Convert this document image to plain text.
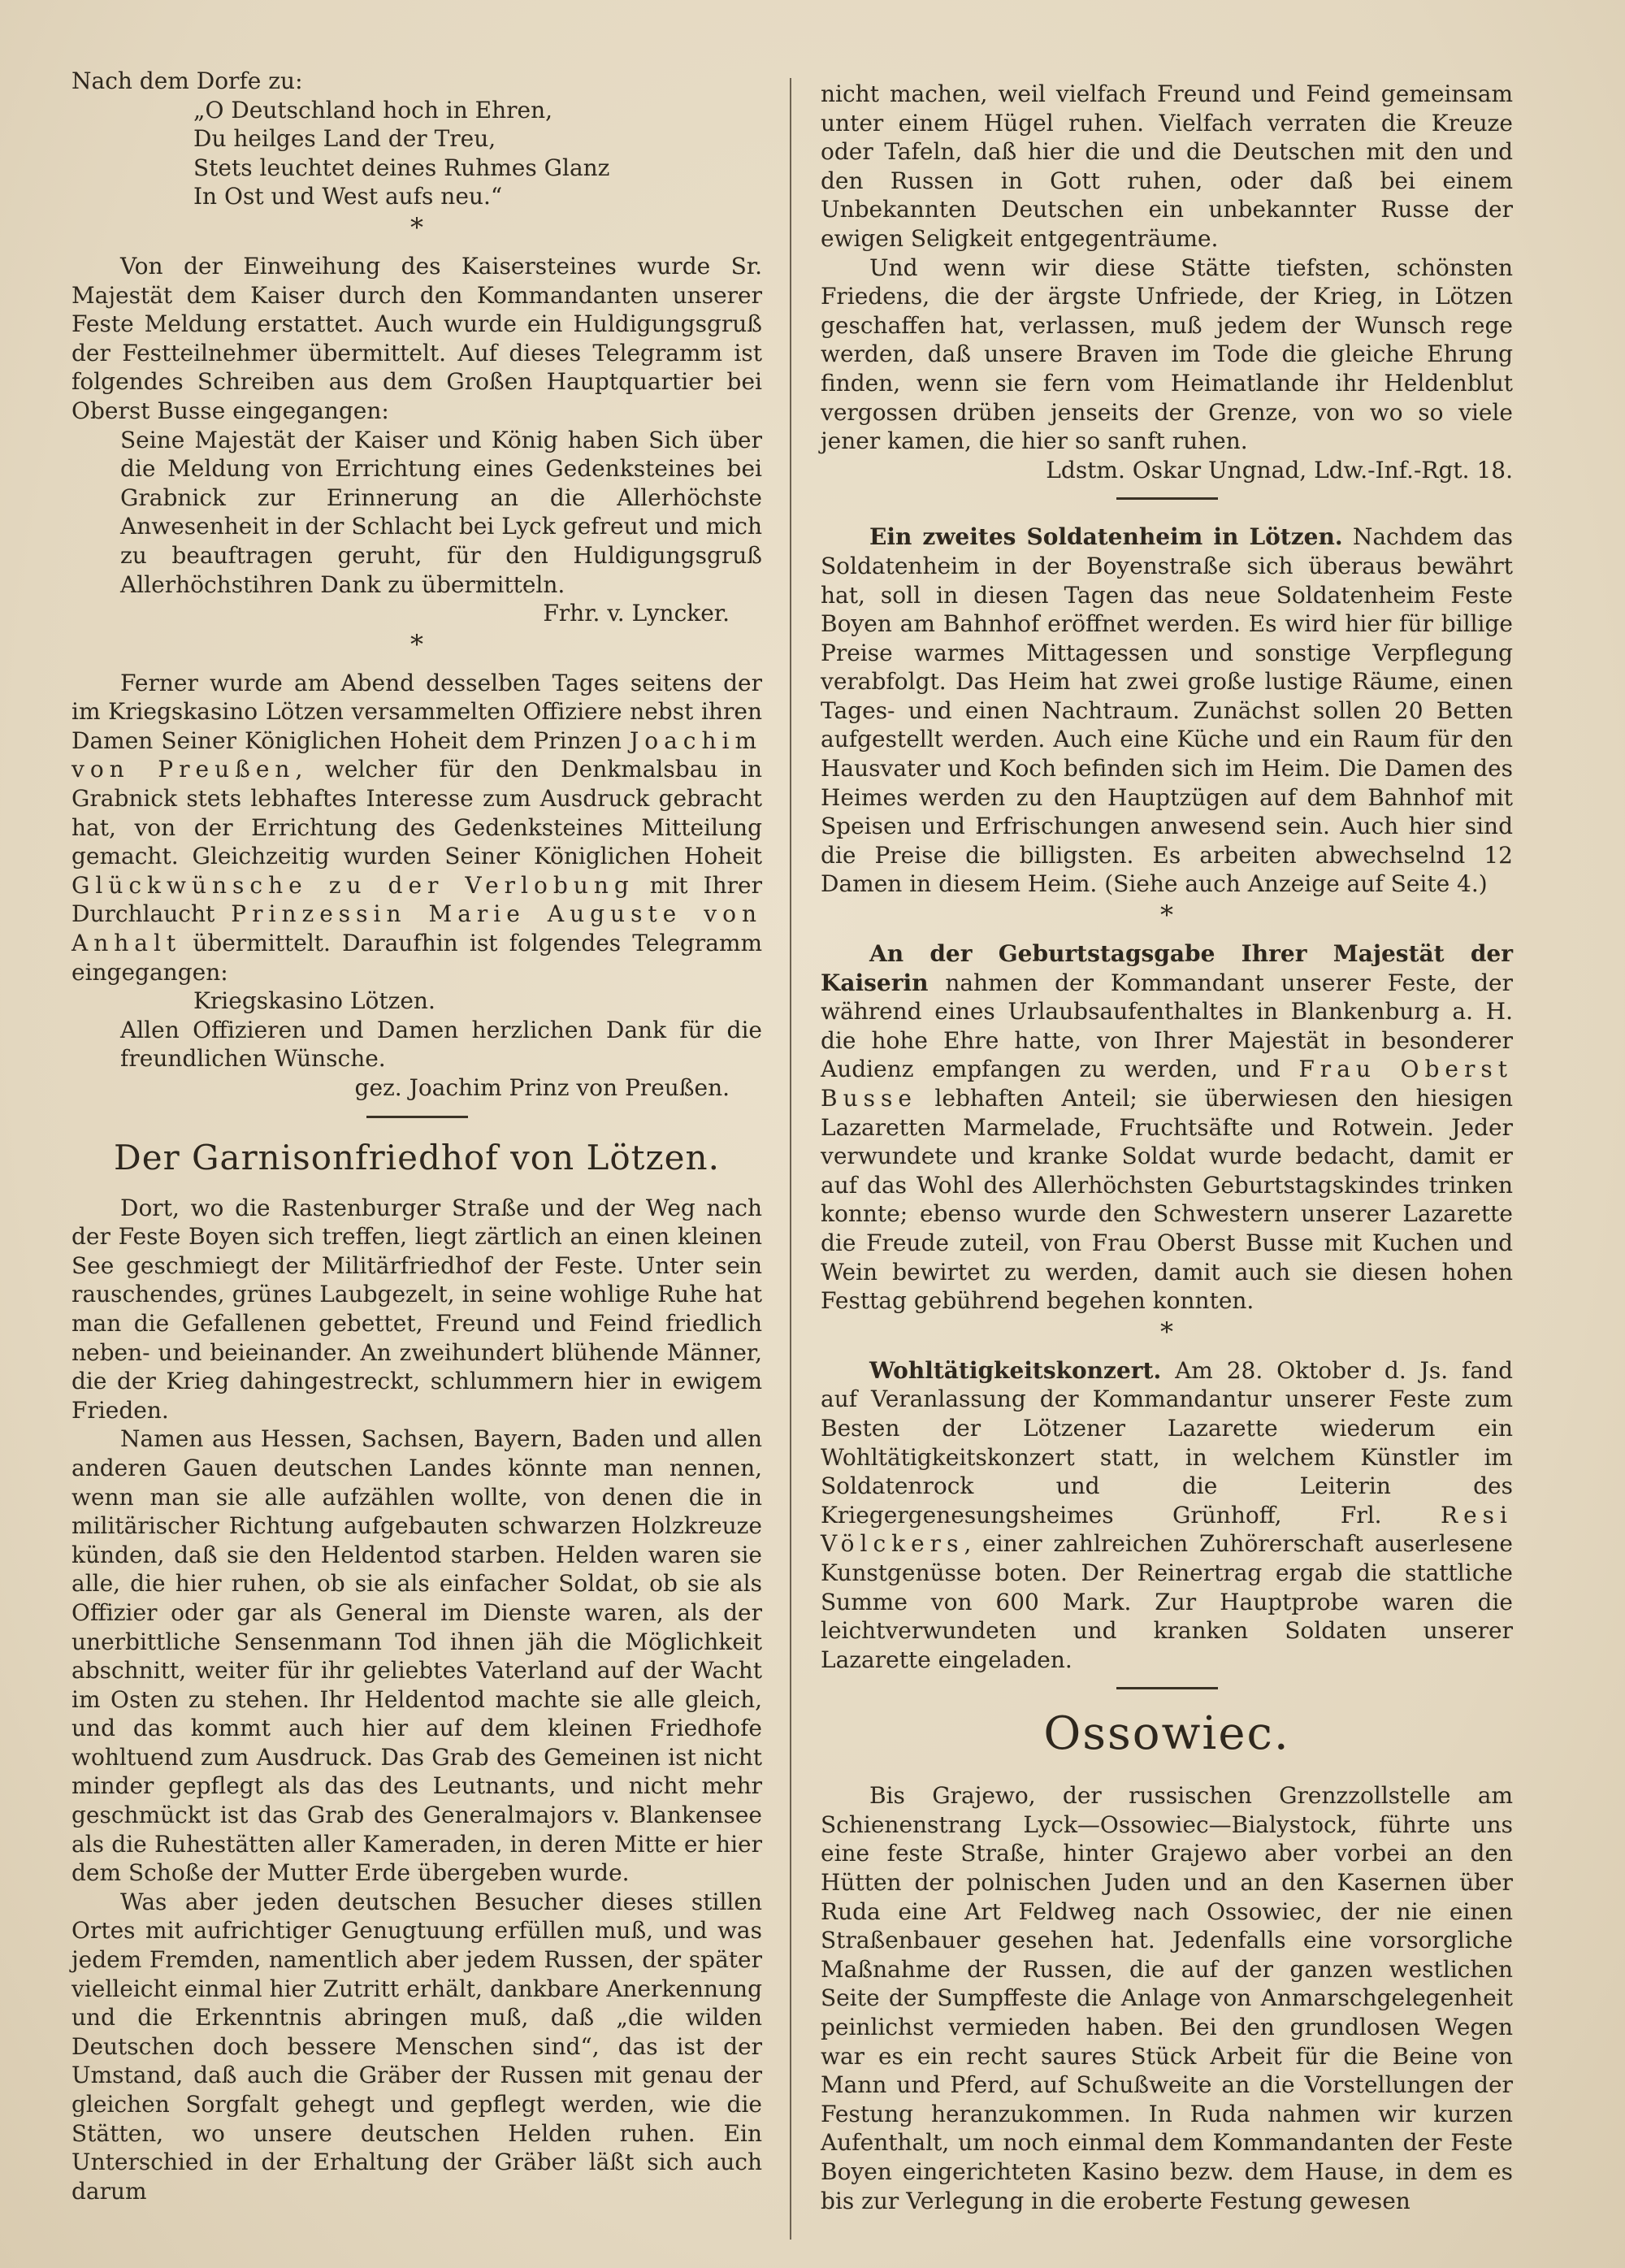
Nach dem Dorfe zu:
„O Deutschland hoch in Ehren,
Du heilges Land der Treu,
Stets leuchtet deines Ruhmes Glanz
In Ost und West aufs neu.“
*

Von der Einweihung des Kaisersteines wurde Sr. Majestät dem Kaiser durch den Kommandanten unserer Feste Meldung erstattet. Auch wurde ein Huldigungsgruß der Festteilnehmer übermittelt. Auf dieses Telegramm ist folgendes Schreiben aus dem Großen Hauptquartier bei Oberst Busse eingegangen:

Seine Majestät der Kaiser und König haben Sich über die Meldung von Errichtung eines Gedenksteines bei Grabnick zur Erinnerung an die Allerhöchste Anwesenheit in der Schlacht bei Lyck gefreut und mich zu beauftragen geruht, für den Huldigungsgruß Allerhöchstihren Dank zu übermitteln.

Frhr. v. Lyncker.

*

Ferner wurde am Abend desselben Tages seitens der im Kriegskasino Lötzen versammelten Offiziere nebst ihren Damen Seiner Königlichen Hoheit dem Prinzen Joachim von Preußen, welcher für den Denkmalsbau in Grabnick stets lebhaftes Interesse zum Ausdruck gebracht hat, von der Errichtung des Gedenksteines Mitteilung gemacht. Gleichzeitig wurden Seiner Königlichen Hoheit Glückwünsche zu der Verlobung mit Ihrer Durchlaucht Prinzessin Marie Auguste von Anhalt übermittelt. Daraufhin ist folgendes Telegramm eingegangen:

Kriegskasino Lötzen.

Allen Offizieren und Damen herzlichen Dank für die freundlichen Wünsche.

gez. Joachim Prinz von Preußen.

Der Garnisonfriedhof von Lötzen.

Dort, wo die Rastenburger Straße und der Weg nach der Feste Boyen sich treffen, liegt zärtlich an einen kleinen See geschmiegt der Militärfriedhof der Feste. Unter sein rauschendes, grünes Laubgezelt, in seine wohlige Ruhe hat man die Gefallenen gebettet, Freund und Feind friedlich neben- und beieinander. An zweihundert blühende Männer, die der Krieg dahingestreckt, schlummern hier in ewigem Frieden.

Namen aus Hessen, Sachsen, Bayern, Baden und allen anderen Gauen deutschen Landes könnte man nennen, wenn man sie alle aufzählen wollte, von denen die in militärischer Richtung aufgebauten schwarzen Holzkreuze künden, daß sie den Heldentod starben. Helden waren sie alle, die hier ruhen, ob sie als einfacher Soldat, ob sie als Offizier oder gar als General im Dienste waren, als der unerbittliche Sensenmann Tod ihnen jäh die Möglichkeit abschnitt, weiter für ihr geliebtes Vaterland auf der Wacht im Osten zu stehen. Ihr Heldentod machte sie alle gleich, und das kommt auch hier auf dem kleinen Friedhofe wohltuend zum Ausdruck. Das Grab des Gemeinen ist nicht minder gepflegt als das des Leutnants, und nicht mehr geschmückt ist das Grab des Generalmajors v. Blankensee als die Ruhestätten aller Kameraden, in deren Mitte er hier dem Schoße der Mutter Erde übergeben wurde.

Was aber jeden deutschen Besucher dieses stillen Ortes mit aufrichtiger Genugtuung erfüllen muß, und was jedem Fremden, namentlich aber jedem Russen, der später vielleicht einmal hier Zutritt erhält, dankbare Anerkennung und die Erkenntnis abringen muß, daß „die wilden Deutschen doch bessere Menschen sind“, das ist der Umstand, daß auch die Gräber der Russen mit genau der gleichen Sorgfalt gehegt und gepflegt werden, wie die Stätten, wo unsere deutschen Helden ruhen. Ein Unterschied in der Erhaltung der Gräber läßt sich auch darum

nicht machen, weil vielfach Freund und Feind gemeinsam unter einem Hügel ruhen. Vielfach verraten die Kreuze oder Tafeln, daß hier die und die Deutschen mit den und den Russen in Gott ruhen, oder daß bei einem Unbekannten Deutschen ein unbekannter Russe der ewigen Seligkeit entgegenträume.

Und wenn wir diese Stätte tiefsten, schönsten Friedens, die der ärgste Unfriede, der Krieg, in Lötzen geschaffen hat, verlassen, muß jedem der Wunsch rege werden, daß unsere Braven im Tode die gleiche Ehrung finden, wenn sie fern vom Heimatlande ihr Heldenblut vergossen drüben jenseits der Grenze, von wo so viele jener kamen, die hier so sanft ruhen.

Ldstm. Oskar Ungnad, Ldw.-Inf.-Rgt. 18.

Ein zweites Soldatenheim in Lötzen. Nachdem das Soldatenheim in der Boyenstraße sich überaus bewährt hat, soll in diesen Tagen das neue Soldatenheim Feste Boyen am Bahnhof eröffnet werden. Es wird hier für billige Preise warmes Mittagessen und sonstige Verpflegung verabfolgt. Das Heim hat zwei große lustige Räume, einen Tages- und einen Nachtraum. Zunächst sollen 20 Betten aufgestellt werden. Auch eine Küche und ein Raum für den Hausvater und Koch befinden sich im Heim. Die Damen des Heimes werden zu den Hauptzügen auf dem Bahnhof mit Speisen und Erfrischungen anwesend sein. Auch hier sind die Preise die billigsten. Es arbeiten abwechselnd 12 Damen in diesem Heim. (Siehe auch Anzeige auf Seite 4.)

*

An der Geburtstagsgabe Ihrer Majestät der Kaiserin nahmen der Kommandant unserer Feste, der während eines Urlaubsaufenthaltes in Blankenburg a. H. die hohe Ehre hatte, von Ihrer Majestät in besonderer Audienz empfangen zu werden, und Frau Oberst Busse lebhaften Anteil; sie überwiesen den hiesigen Lazaretten Marmelade, Fruchtsäfte und Rotwein. Jeder verwundete und kranke Soldat wurde bedacht, damit er auf das Wohl des Allerhöchsten Geburtstagskindes trinken konnte; ebenso wurde den Schwestern unserer Lazarette die Freude zuteil, von Frau Oberst Busse mit Kuchen und Wein bewirtet zu werden, damit auch sie diesen hohen Festtag gebührend begehen konnten.

*

Wohltätigkeitskonzert. Am 28. Oktober d. Js. fand auf Veranlassung der Kommandantur unserer Feste zum Besten der Lötzener Lazarette wiederum ein Wohltätigkeitskonzert statt, in welchem Künstler im Soldatenrock und die Leiterin des Kriegergenesungsheimes Grünhoff, Frl. Resi Völckers, einer zahlreichen Zuhörerschaft auserlesene Kunstgenüsse boten. Der Reinertrag ergab die stattliche Summe von 600 Mark. Zur Hauptprobe waren die leichtverwundeten und kranken Soldaten unserer Lazarette eingeladen.

Ossowiec.

Bis Grajewo, der russischen Grenzzollstelle am Schienenstrang Lyck—Ossowiec—Bialystock, führte uns eine feste Straße, hinter Grajewo aber vorbei an den Hütten der polnischen Juden und an den Kasernen über Ruda eine Art Feldweg nach Ossowiec, der nie einen Straßenbauer gesehen hat. Jedenfalls eine vorsorgliche Maßnahme der Russen, die auf der ganzen westlichen Seite der Sumpffeste die Anlage von Anmarschgelegenheit peinlichst vermieden haben. Bei den grundlosen Wegen war es ein recht saures Stück Arbeit für die Beine von Mann und Pferd, auf Schußweite an die Vorstellungen der Festung heranzukommen. In Ruda nahmen wir kurzen Aufenthalt, um noch einmal dem Kommandanten der Feste Boyen eingerichteten Kasino bezw. dem Hause, in dem es bis zur Verlegung in die eroberte Festung gewesen
